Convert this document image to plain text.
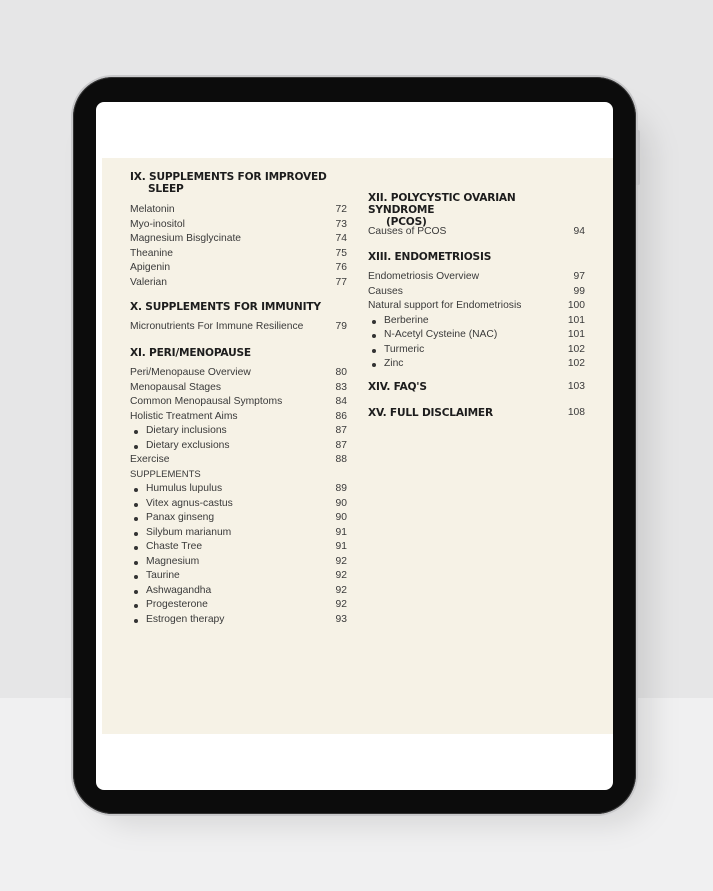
IX. SUPPLEMENTS FOR IMPROVED
SLEEP
Melatonin	72
Myo-inositol	73
Magnesium Bisglycinate	74
Theanine	75
Apigenin	76
Valerian	77
X. SUPPLEMENTS FOR IMMUNITY
Micronutrients For Immune Resilience	79
XI. PERI/MENOPAUSE
Peri/Menopause Overview	80
Menopausal Stages	83
Common Menopausal Symptoms	84
Holistic Treatment Aims	86
Dietary inclusions	87
Dietary exclusions	87
Exercise	88
SUPPLEMENTS
Humulus lupulus	89
Vitex agnus-castus	90
Panax ginseng	90
Silybum marianum	91
Chaste Tree	91
Magnesium	92
Taurine	92
Ashwagandha	92
Progesterone	92
Estrogen therapy	93
XII. POLYCYSTIC OVARIAN SYNDROME
(PCOS)
Causes of PCOS	94
XIII. ENDOMETRIOSIS
Endometriosis Overview	97
Causes	99
Natural support for Endometriosis	100
Berberine	101
N-Acetyl Cysteine (NAC)	101
Turmeric	102
Zinc	102
XIV. FAQ'S	103
XV. FULL DISCLAIMER	108
